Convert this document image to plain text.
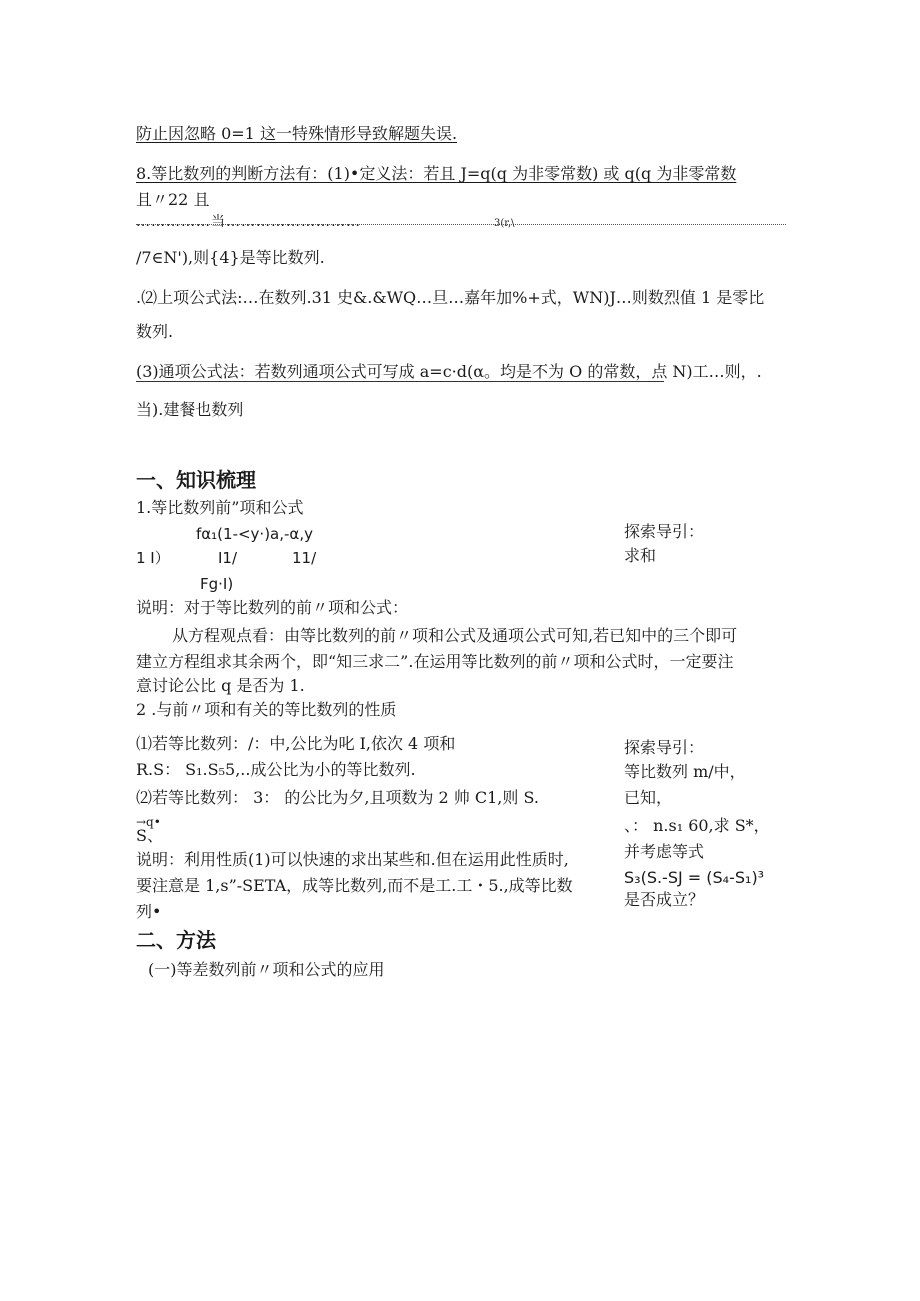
防止因忽略 0=1 这一特殊情形导致解题失误.
8.等比数列的判断方法有：(1)•定义法：若且 J=q(q 为非零常数) 或 q(q 为非零常数
且〃22 且
……………当………………………	3(r,\
/7∈N'),则{4}是等比数列.
.⑵上项公式法:…在数列.31 史&.&WQ…旦…嘉年加%+式，WN)J…则数烈值 1 是零比
数列.
(3)通项公式法：若数列通项公式可写成 a=c·d(α。均是不为 O 的常数，点 N)工…则，.
当).建餐也数列
一、知识梳理
1.等比数列前”项和公式
fα₁(1-<y·)a,-α,y
1 I）	I1/	11/
Fg·I)
说明：对于等比数列的前〃项和公式：
从方程观点看：由等比数列的前〃项和公式及通项公式可知,若已知中的三个即可
建立方程组求其余两个，即“知三求二”.在运用等比数列的前〃项和公式时，一定要注
意讨论公比 q 是否为 1.
2 .与前〃项和有关的等比数列的性质
⑴若等比数列：/：中,公比为叱 I,依次 4 项和
R.S： S₁.S₅5,..成公比为小的等比数列.
⑵若等比数列： 3： 的公比为夕,且项数为 2 帅 C1,则 S.
→q•
S、
说明：利用性质(1)可以快速的求出某些和.但在运用此性质时,
要注意是 1,s”-SETA，成等比数列,而不是工.工・5.,成等比数
列•
探索导引：
求和
探索导引：
等比数列 m/中，
已知，
、： n.s₁ 60,求 S*，
并考虑等式
S₃(S.-SJ = (S₄-S₁)³
是否成立？
二、方法
(一)等差数列前〃项和公式的应用
